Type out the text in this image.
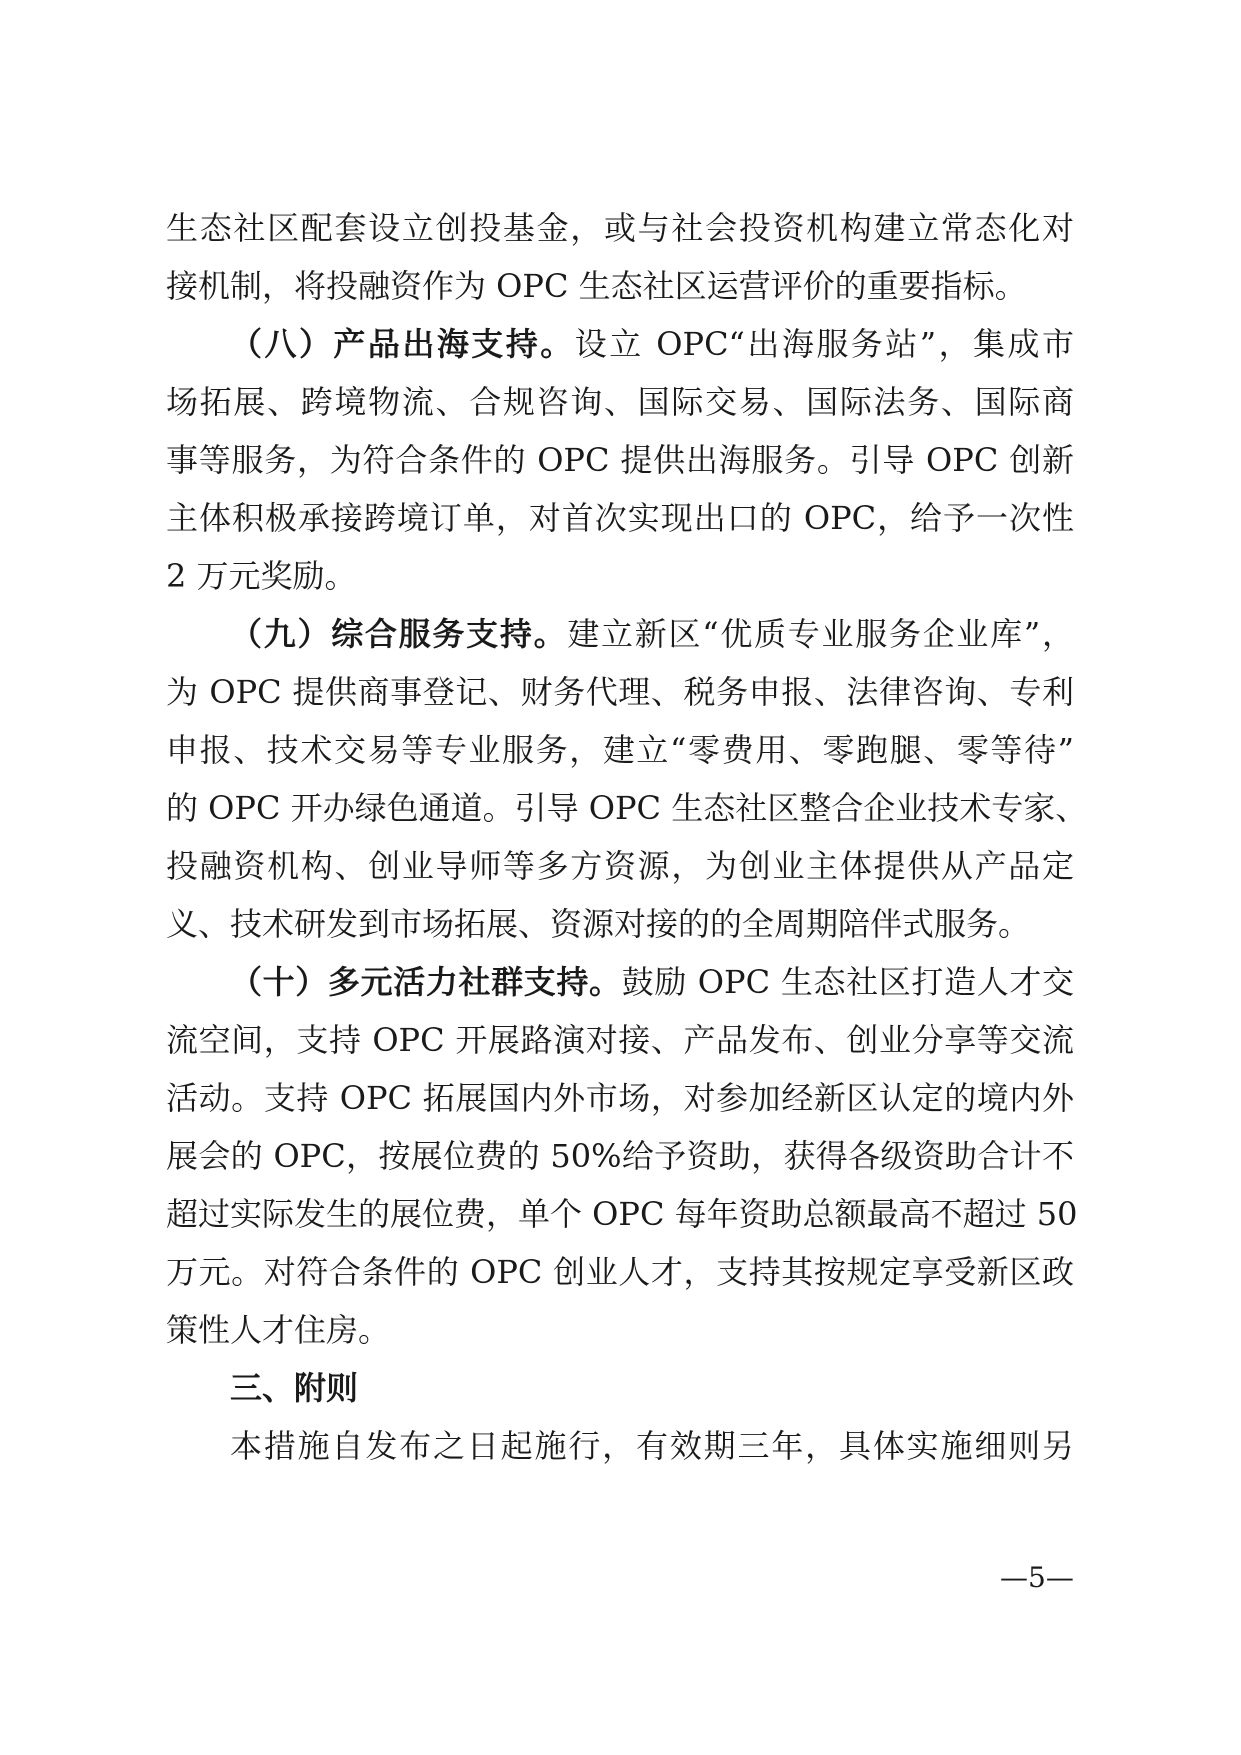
生态社区配套设立创投基金，或与社会投资机构建立常态化对
接机制，将投融资作为 OPC 生态社区运营评价的重要指标。
（八）产品出海支持。设立 OPC“出海服务站”，集成市
场拓展、跨境物流、合规咨询、国际交易、国际法务、国际商
事等服务，为符合条件的 OPC 提供出海服务。引导 OPC 创新
主体积极承接跨境订单，对首次实现出口的 OPC，给予一次性
2 万元奖励。
（九）综合服务支持。建立新区“优质专业服务企业库”，
为 OPC 提供商事登记、财务代理、税务申报、法律咨询、专利
申报、技术交易等专业服务，建立“零费用、零跑腿、零等待”
的 OPC 开办绿色通道。引导 OPC 生态社区整合企业技术专家、
投融资机构、创业导师等多方资源，为创业主体提供从产品定
义、技术研发到市场拓展、资源对接的的全周期陪伴式服务。
（十）多元活力社群支持。鼓励 OPC 生态社区打造人才交
流空间，支持 OPC 开展路演对接、产品发布、创业分享等交流
活动。支持 OPC 拓展国内外市场，对参加经新区认定的境内外
展会的 OPC，按展位费的 50%给予资助，获得各级资助合计不
超过实际发生的展位费，单个 OPC 每年资助总额最高不超过 50
万元。对符合条件的 OPC 创业人才，支持其按规定享受新区政
策性人才住房。
三、附则
本措施自发布之日起施行，有效期三年，具体实施细则另
—5—
